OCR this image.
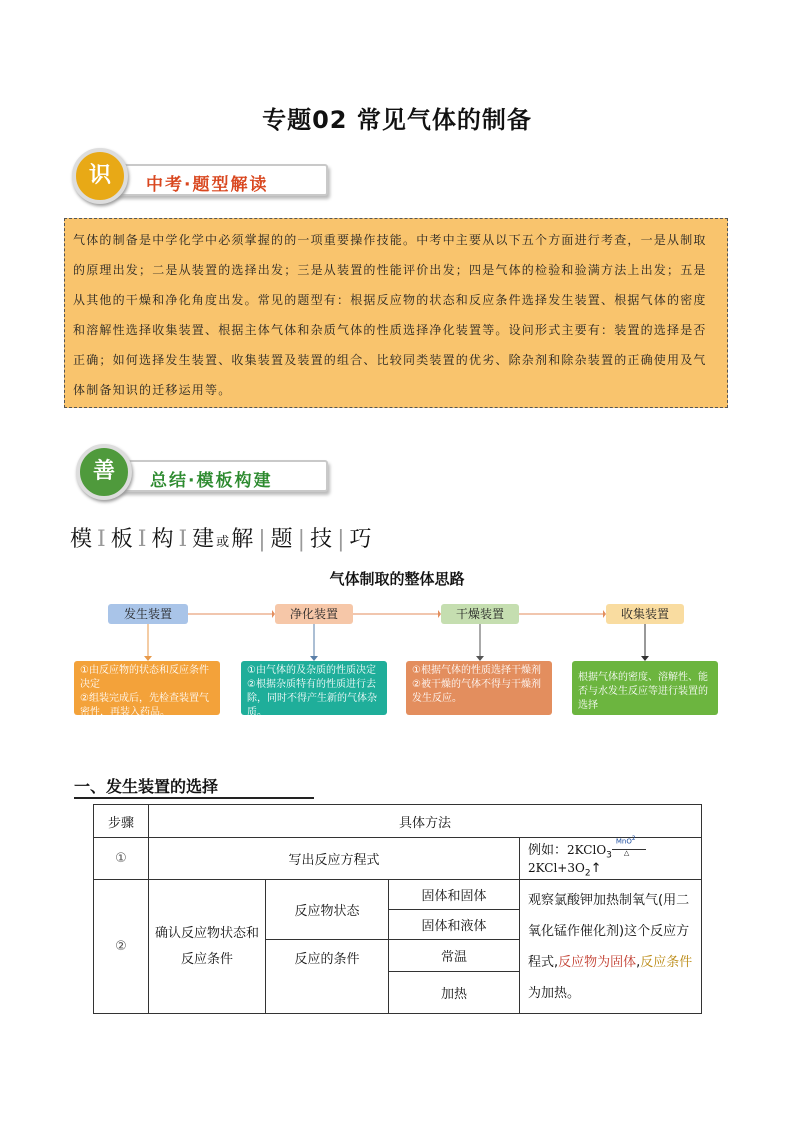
专题02 常见气体的制备
中考·题型解读
识
气体的制备是中学化学中必须掌握的的一项重要操作技能。中考中主要从以下五个方面进行考查，一是从制取的原理出发；二是从装置的选择出发；三是从装置的性能评价出发；四是气体的检验和验满方法上出发；五是从其他的干燥和净化角度出发。常见的题型有：根据反应物的状态和反应条件选择发生装置、根据气体的密度和溶解性选择收集装置、根据主体气体和杂质气体的性质选择净化装置等。设问形式主要有：装置的选择是否正确；如何选择发生装置、收集装置及装置的组合、比较同类装置的优劣、除杂剂和除杂装置的正确使用及气体制备知识的迁移运用等。
总结·模板构建
善
模 I 板 I 构 I 建或解 | 题 | 技 | 巧
气体制取的整体思路
发生装置	净化装置	干燥装置	收集装置
①由反应物的状态和反应条件决定
②组装完成后，先检查装置气密性，再装入药品。
①由气体的及杂质的性质决定
②根据杂质特有的性质进行去除，同时不得产生新的气体杂质。
①根据气体的性质选择干燥剂
②被干燥的气体不得与干燥剂发生反应。
根据气体的密度、溶解性、能否与水发生反应等进行装置的选择
一、发生装置的选择
步骤	具体方法			
①	写出反应方程式			例如：2KClO$_3$
MnO$^2$
△
$2KCl+3O_2↑$
②	确认反应物状态和反应条件	反应物状态	固体和固体	观察氯酸钾加热制氧气(用二氧化锰作催化剂)这个反应方程式,反应物为固体,反应条件为加热。
			固体和液体	
		反应的条件	常温	
			加热	
